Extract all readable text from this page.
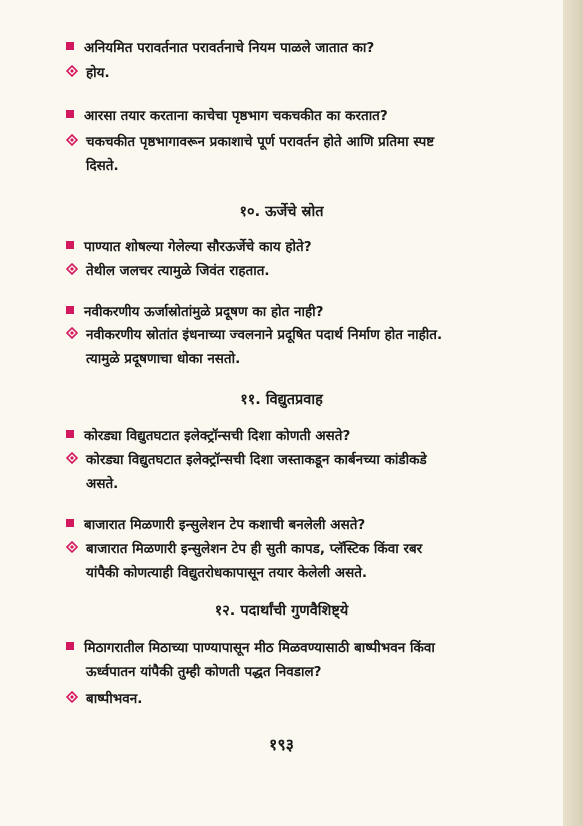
अनियमित परावर्तनात परावर्तनाचे नियम पाळले जातात का?
होय.
आरसा तयार करताना काचेचा पृष्ठभाग चकचकीत का करतात?
चकचकीत पृष्ठभागावरून प्रकाशाचे पूर्ण परावर्तन होते आणि प्रतिमा स्पष्ट
दिसते.
१०. ऊर्जेचे स्रोत
पाण्यात शोषल्या गेलेल्या सौरऊर्जेचे काय होते?
तेथील जलचर त्यामुळे जिवंत राहतात.
नवीकरणीय ऊर्जास्रोतांमुळे प्रदूषण का होत नाही?
नवीकरणीय स्रोतांत इंधनाच्या ज्वलनाने प्रदूषित पदार्थ निर्माण होत नाहीत.
त्यामुळे प्रदूषणाचा धोका नसतो.
११. विद्युतप्रवाह
कोरड्या विद्युतघटात इलेक्ट्रॉन्सची दिशा कोणती असते?
कोरड्या विद्युतघटात इलेक्ट्रॉन्सची दिशा जस्ताकडून कार्बनच्या कांडीकडे
असते.
बाजारात मिळणारी इन्सुलेशन टेप कशाची बनलेली असते?
बाजारात मिळणारी इन्सुलेशन टेप ही सुती कापड, प्लॅस्टिक किंवा रबर
यांपैकी कोणत्याही विद्युतरोधकापासून तयार केलेली असते.
१२. पदार्थांची गुणवैशिष्ट्ये
मिठागरातील मिठाच्या पाण्यापासून मीठ मिळवण्यासाठी बाष्पीभवन किंवा
ऊर्ध्वपातन यांपैकी तुम्ही कोणती पद्धत निवडाल?
बाष्पीभवन.
१९३
